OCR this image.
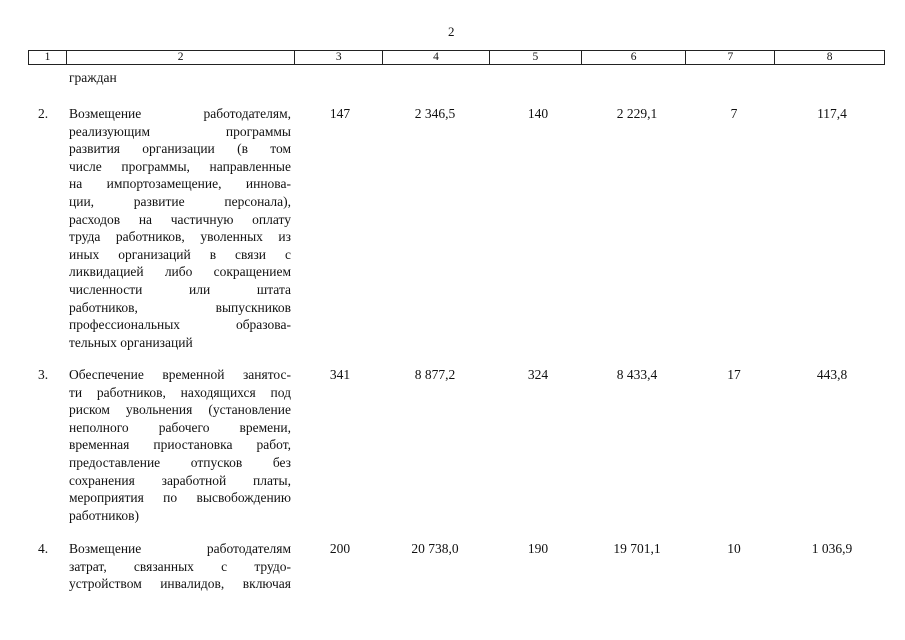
2
1	2	3	4	5	6	7	8
граждан
2.	Возмещение работодателям,
реализующим программы
развития организации (в том
числе программы, направленные
на импортозамещение, иннова-
ции, развитие персонала),
расходов на частичную оплату
труда работников, уволенных из
иных организаций в связи с
ликвидацией либо сокращением
численности или штата
работников, выпускников
профессиональных образова-
тельных организаций
147	2 346,5	140	2 229,1	7	117,4
3.	Обеспечение временной занятос-
ти работников, находящихся под
риском увольнения (установление
неполного рабочего времени,
временная приостановка работ,
предоставление отпусков без
сохранения заработной платы,
мероприятия по высвобождению
работников)
341	8 877,2	324	8 433,4	17	443,8
4.	Возмещение работодателям
затрат, связанных с трудо-
устройством инвалидов, включая
200	20 738,0	190	19 701,1	10	1 036,9
